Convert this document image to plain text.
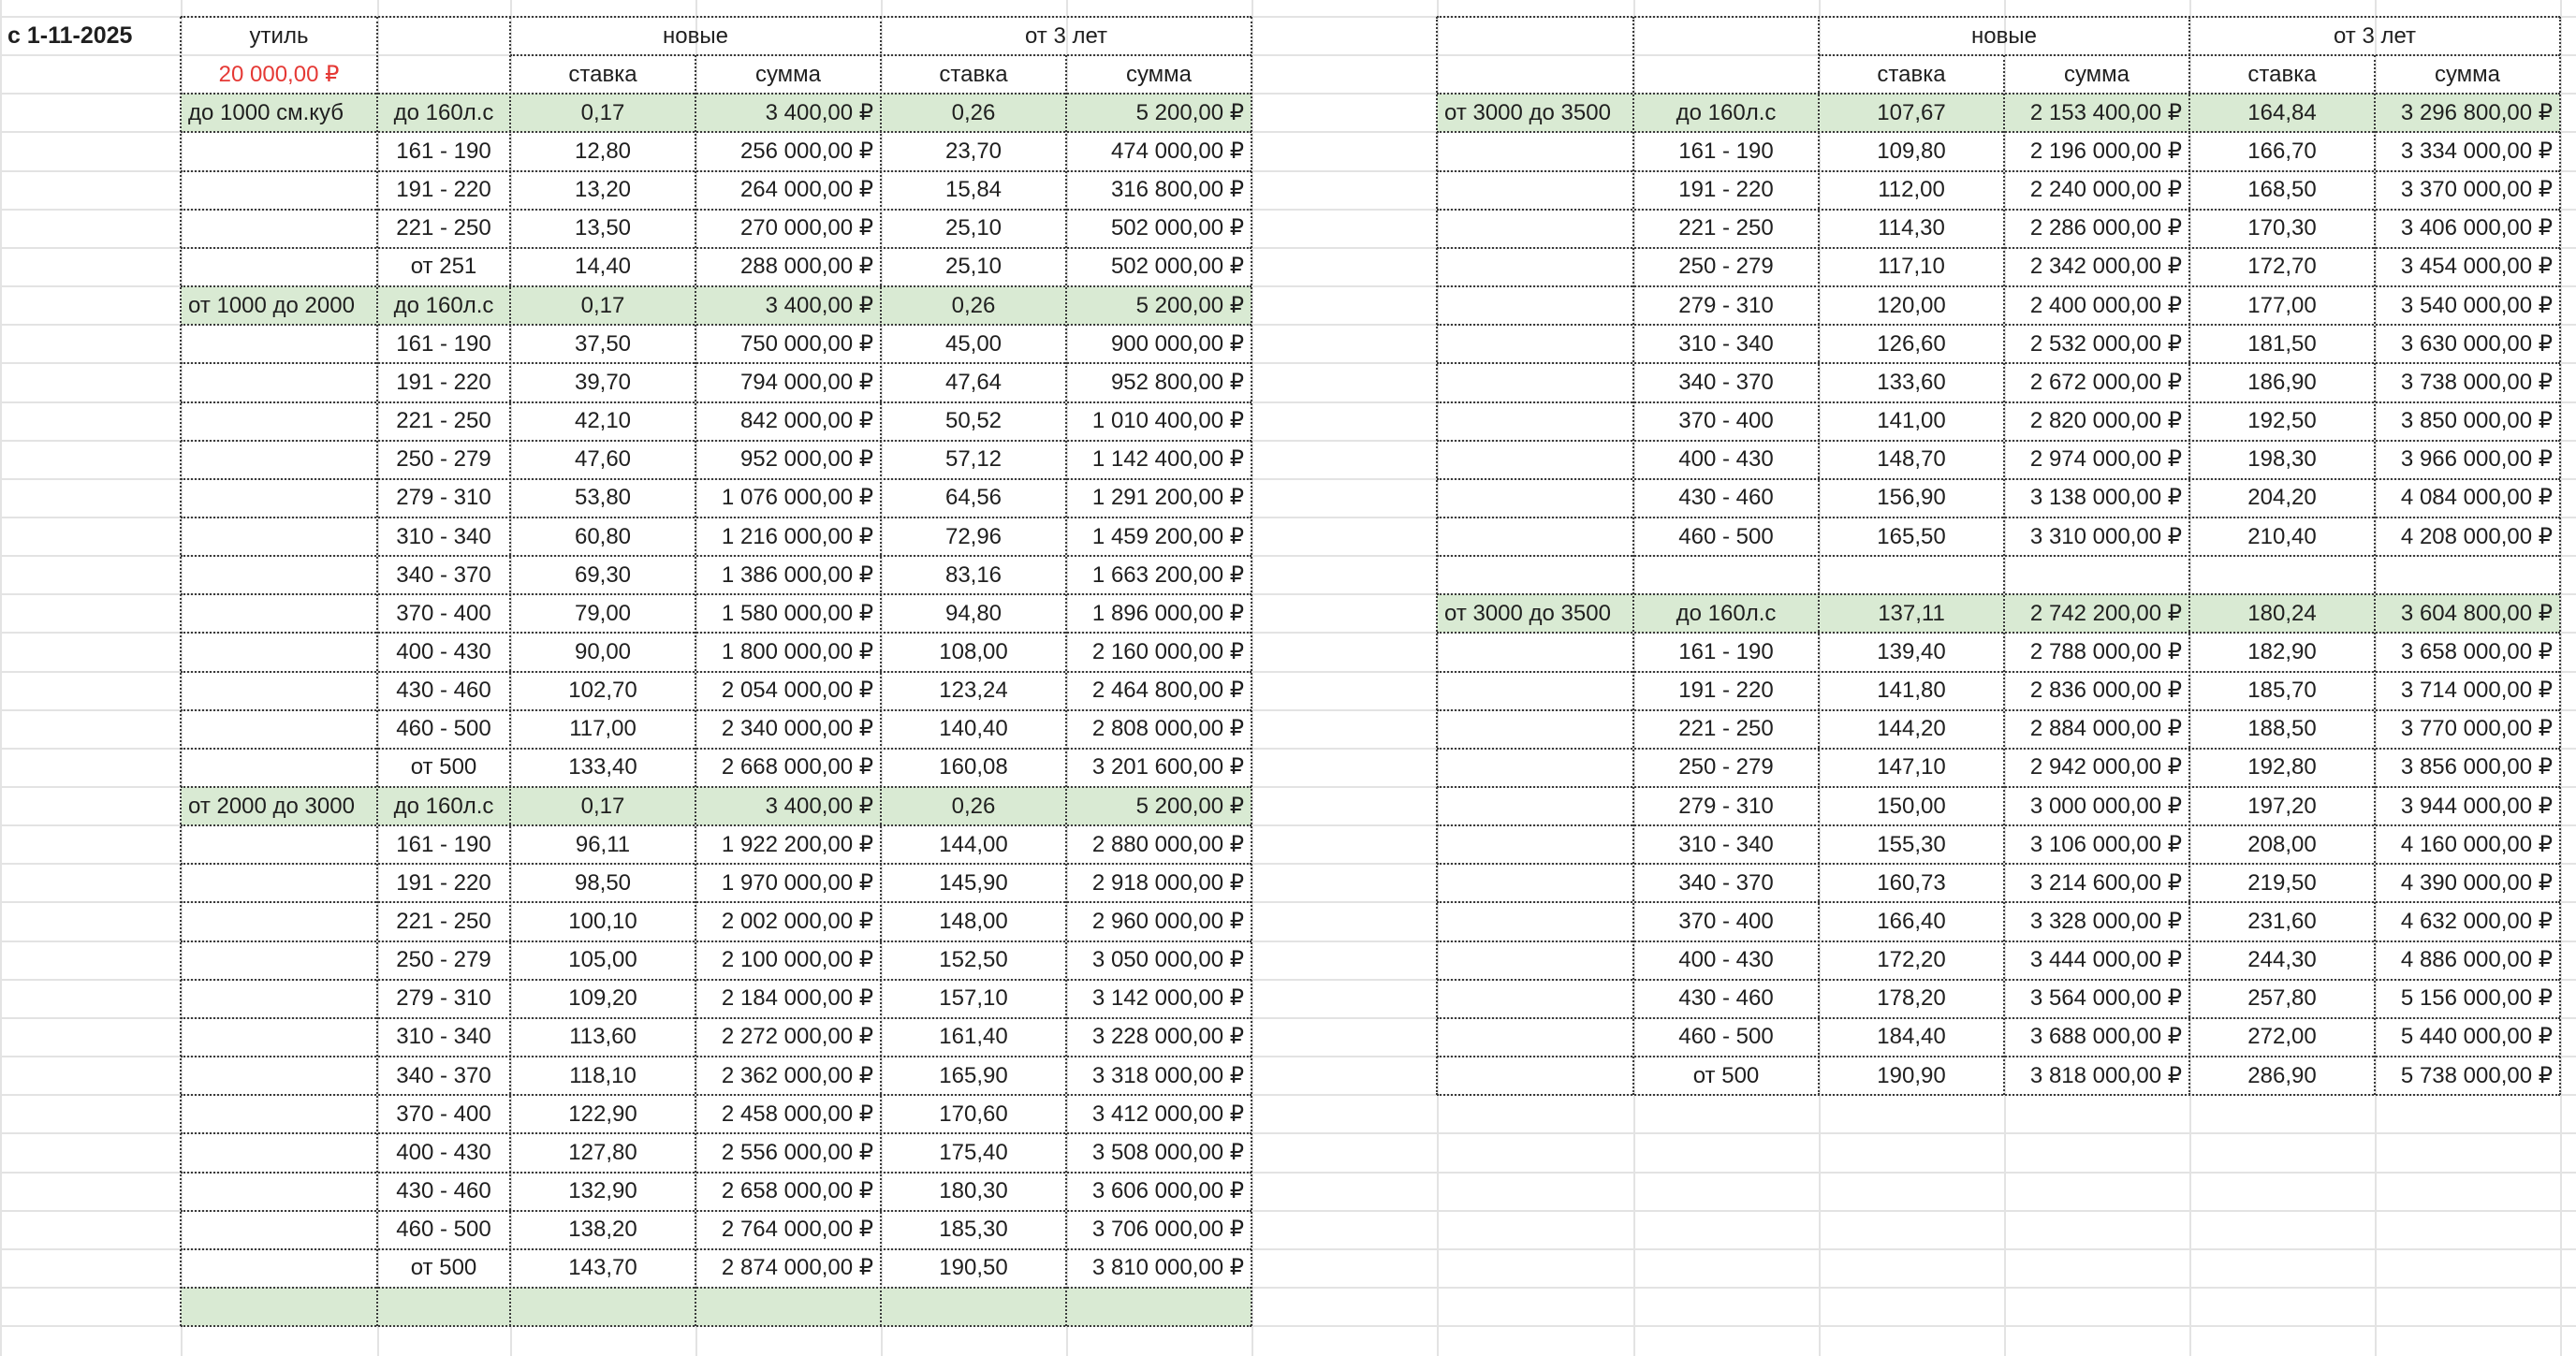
с 1-11-2025	утиль
20 000,00 ₽
новые	от 3 лет
ставка	сумма	ставка	сумма
до 1000 см.куб	до 160л.с	0,17	3 400,00 ₽	0,26	5 200,00 ₽
161 - 190	12,80	256 000,00 ₽	23,70	474 000,00 ₽
191 - 220	13,20	264 000,00 ₽	15,84	316 800,00 ₽
221 - 250	13,50	270 000,00 ₽	25,10	502 000,00 ₽
от 251	14,40	288 000,00 ₽	25,10	502 000,00 ₽
от 1000 до 2000	до 160л.с	0,17	3 400,00 ₽	0,26	5 200,00 ₽
161 - 190	37,50	750 000,00 ₽	45,00	900 000,00 ₽
191 - 220	39,70	794 000,00 ₽	47,64	952 800,00 ₽
221 - 250	42,10	842 000,00 ₽	50,52	1 010 400,00 ₽
250 - 279	47,60	952 000,00 ₽	57,12	1 142 400,00 ₽
279 - 310	53,80	1 076 000,00 ₽	64,56	1 291 200,00 ₽
310 - 340	60,80	1 216 000,00 ₽	72,96	1 459 200,00 ₽
340 - 370	69,30	1 386 000,00 ₽	83,16	1 663 200,00 ₽
370 - 400	79,00	1 580 000,00 ₽	94,80	1 896 000,00 ₽
400 - 430	90,00	1 800 000,00 ₽	108,00	2 160 000,00 ₽
430 - 460	102,70	2 054 000,00 ₽	123,24	2 464 800,00 ₽
460 - 500	117,00	2 340 000,00 ₽	140,40	2 808 000,00 ₽
от 500	133,40	2 668 000,00 ₽	160,08	3 201 600,00 ₽
от 2000 до 3000	до 160л.с	0,17	3 400,00 ₽	0,26	5 200,00 ₽
161 - 190	96,11	1 922 200,00 ₽	144,00	2 880 000,00 ₽
191 - 220	98,50	1 970 000,00 ₽	145,90	2 918 000,00 ₽
221 - 250	100,10	2 002 000,00 ₽	148,00	2 960 000,00 ₽
250 - 279	105,00	2 100 000,00 ₽	152,50	3 050 000,00 ₽
279 - 310	109,20	2 184 000,00 ₽	157,10	3 142 000,00 ₽
310 - 340	113,60	2 272 000,00 ₽	161,40	3 228 000,00 ₽
340 - 370	118,10	2 362 000,00 ₽	165,90	3 318 000,00 ₽
370 - 400	122,90	2 458 000,00 ₽	170,60	3 412 000,00 ₽
400 - 430	127,80	2 556 000,00 ₽	175,40	3 508 000,00 ₽
430 - 460	132,90	2 658 000,00 ₽	180,30	3 606 000,00 ₽
460 - 500	138,20	2 764 000,00 ₽	185,30	3 706 000,00 ₽
от 500	143,70	2 874 000,00 ₽	190,50	3 810 000,00 ₽
новые	от 3 лет
ставка	сумма	ставка	сумма
от 3000 до 3500	до 160л.с	107,67	2 153 400,00 ₽	164,84	3 296 800,00 ₽
161 - 190	109,80	2 196 000,00 ₽	166,70	3 334 000,00 ₽
191 - 220	112,00	2 240 000,00 ₽	168,50	3 370 000,00 ₽
221 - 250	114,30	2 286 000,00 ₽	170,30	3 406 000,00 ₽
250 - 279	117,10	2 342 000,00 ₽	172,70	3 454 000,00 ₽
279 - 310	120,00	2 400 000,00 ₽	177,00	3 540 000,00 ₽
310 - 340	126,60	2 532 000,00 ₽	181,50	3 630 000,00 ₽
340 - 370	133,60	2 672 000,00 ₽	186,90	3 738 000,00 ₽
370 - 400	141,00	2 820 000,00 ₽	192,50	3 850 000,00 ₽
400 - 430	148,70	2 974 000,00 ₽	198,30	3 966 000,00 ₽
430 - 460	156,90	3 138 000,00 ₽	204,20	4 084 000,00 ₽
460 - 500	165,50	3 310 000,00 ₽	210,40	4 208 000,00 ₽
от 3000 до 3500	до 160л.с	137,11	2 742 200,00 ₽	180,24	3 604 800,00 ₽
161 - 190	139,40	2 788 000,00 ₽	182,90	3 658 000,00 ₽
191 - 220	141,80	2 836 000,00 ₽	185,70	3 714 000,00 ₽
221 - 250	144,20	2 884 000,00 ₽	188,50	3 770 000,00 ₽
250 - 279	147,10	2 942 000,00 ₽	192,80	3 856 000,00 ₽
279 - 310	150,00	3 000 000,00 ₽	197,20	3 944 000,00 ₽
310 - 340	155,30	3 106 000,00 ₽	208,00	4 160 000,00 ₽
340 - 370	160,73	3 214 600,00 ₽	219,50	4 390 000,00 ₽
370 - 400	166,40	3 328 000,00 ₽	231,60	4 632 000,00 ₽
400 - 430	172,20	3 444 000,00 ₽	244,30	4 886 000,00 ₽
430 - 460	178,20	3 564 000,00 ₽	257,80	5 156 000,00 ₽
460 - 500	184,40	3 688 000,00 ₽	272,00	5 440 000,00 ₽
от 500	190,90	3 818 000,00 ₽	286,90	5 738 000,00 ₽
